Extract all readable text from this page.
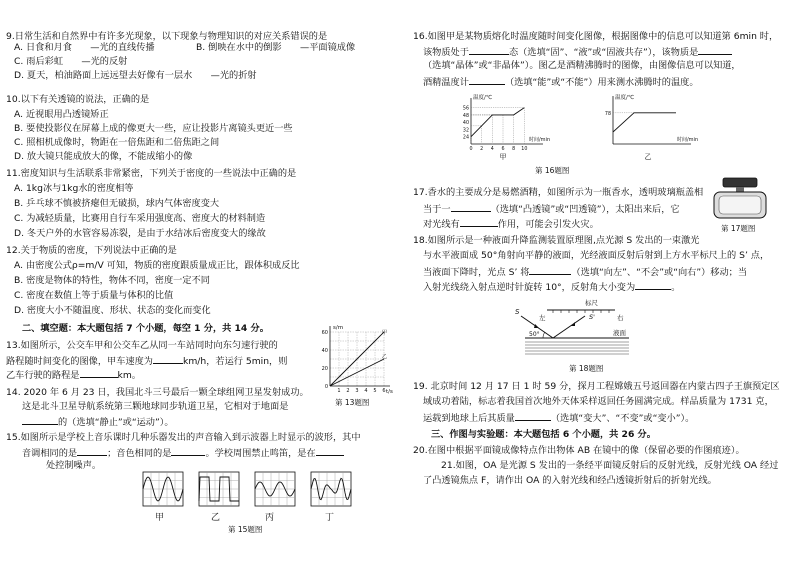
9.日常生活和自然界中有许多光现象，以下现象与物理知识的对应关系错误的是
A. 日食和月食　　—光的直线传播	B. 倒映在水中的倒影　　—平面镜成像
C. 雨后彩虹　　—光的反射
D. 夏天，柏油路面上远远望去好像有一层水　　—光的折射
10.以下有关透镜的说法，正确的是
A. 近视眼用凸透镜矫正
B. 要使投影仪在屏幕上成的像更大一些，应让投影片离镜头更近一些
C. 照相机成像时，物距在一倍焦距和二倍焦距之间
D. 放大镜只能成放大的像，不能成缩小的像
11.密度知识与生活联系非常紧密，下列关于密度的一些说法中正确的是
A. 1kg冰与1kg水的密度相等
B. 乒乓球不慎被挤瘪但无破损，球内气体密度变大
C. 为减轻质量，比赛用自行车采用强度高、密度大的材料制造
D. 冬天户外的水管容易冻裂，是由于水结冰后密度变大的缘故
12.关于物质的密度，下列说法中正确的是
A. 由密度公式ρ=m/V 可知，物质的密度跟质量成正比，跟体积成反比
B. 密度是物体的特性，物体不同，密度一定不同
C. 密度在数值上等于质量与体积的比值
D. 密度大小不随温度、形状、状态的变化而变化
二、填空题：本大题包括 7 个小题，每空 1 分，共 14 分。
13.如图所示，公交车甲和公交车乙从同一车站同时向东匀速行驶的
路程随时间变化的图像，甲车速度为	km/h，若运行 5min，则
乙车行驶的路程是	km。
s/m
t/s
0
20
40
60
1 2 3 4 5 6
甲
乙
第 13题图
14. 2020 年 6 月 23 日，我国北斗三号最后一颗全球组网卫星发射成功。
这是北斗卫星导航系统第三颗地球同步轨道卫星，它相对于地面是
的（选填“静止”或“运动”）。
15.如图所示是学校上音乐课时几种乐器发出的声音输入到示波器上时显示的波形，其中
音调相同的是	；音色相同的是	。学校周围禁止鸣笛，是在
处控制噪声。
甲	乙	丙	丁
第 15题图
16.如图甲是某物质熔化时温度随时间变化图像，根据图像中的信息可以知道第 6min 时，
该物质处于	态（选填“固”、“液”或“固液共存”），该物质是
（选填“晶体”或“非晶体”）。图乙是酒精沸腾时的图像，由图像信息可以知道，
酒精温度计	（选填“能”或“不能”）用来测水沸腾时的温度。
温度/℃
时间/min
24
32
40
48
56
0 2 4 6 8 10
甲
温度/℃
时间/min
78
乙
第 16题图
17.香水的主要成分是易燃酒精，如图所示为一瓶香水，透明玻璃瓶盖相
当于一	（选填“凸透镜”或“凹透镜”），太阳出来后，它
对光线有	作用，可能会引发火灾。	第 17题图
18.如图所示是一种液面升降监测装置原理图,点光源 S 发出的一束激光
与水平液面成 50°角射向平静的液面，光经液面反射后射到上方水平标尺上的 S’ 点，
当液面下降时，光点 S’ 将	（选填“向左”、“不会”或“向右”）移动；当
入射光线绕入射点逆时针旋转 10°，反射角大小变为	。
标尺
左	右
S
S'
50°	液面
第 18题图
19. 北京时间 12 月 17 日 1 时 59 分，探月工程嫦娥五号返回器在内蒙古四子王旗预定区
域成功着陆，标志着我国首次地外天体采样返回任务圆满完成。样品质量为 1731 克，
运载到地球上后其质量	（选填“变大”、“不变”或“变小”）。
三、作图与实验题：本大题包括 6 个小题，共 26 分。
20.在图中根据平面镜成像特点作出物体 AB 在镜中的像（保留必要的作图痕迹）。
21.如图，OA 是光源 S 发出的一条经平面镜反射后的反射光线，反射光线 OA 经过
了凸透镜焦点 F，请作出 OA 的入射光线和经凸透镜折射后的折射光线。
